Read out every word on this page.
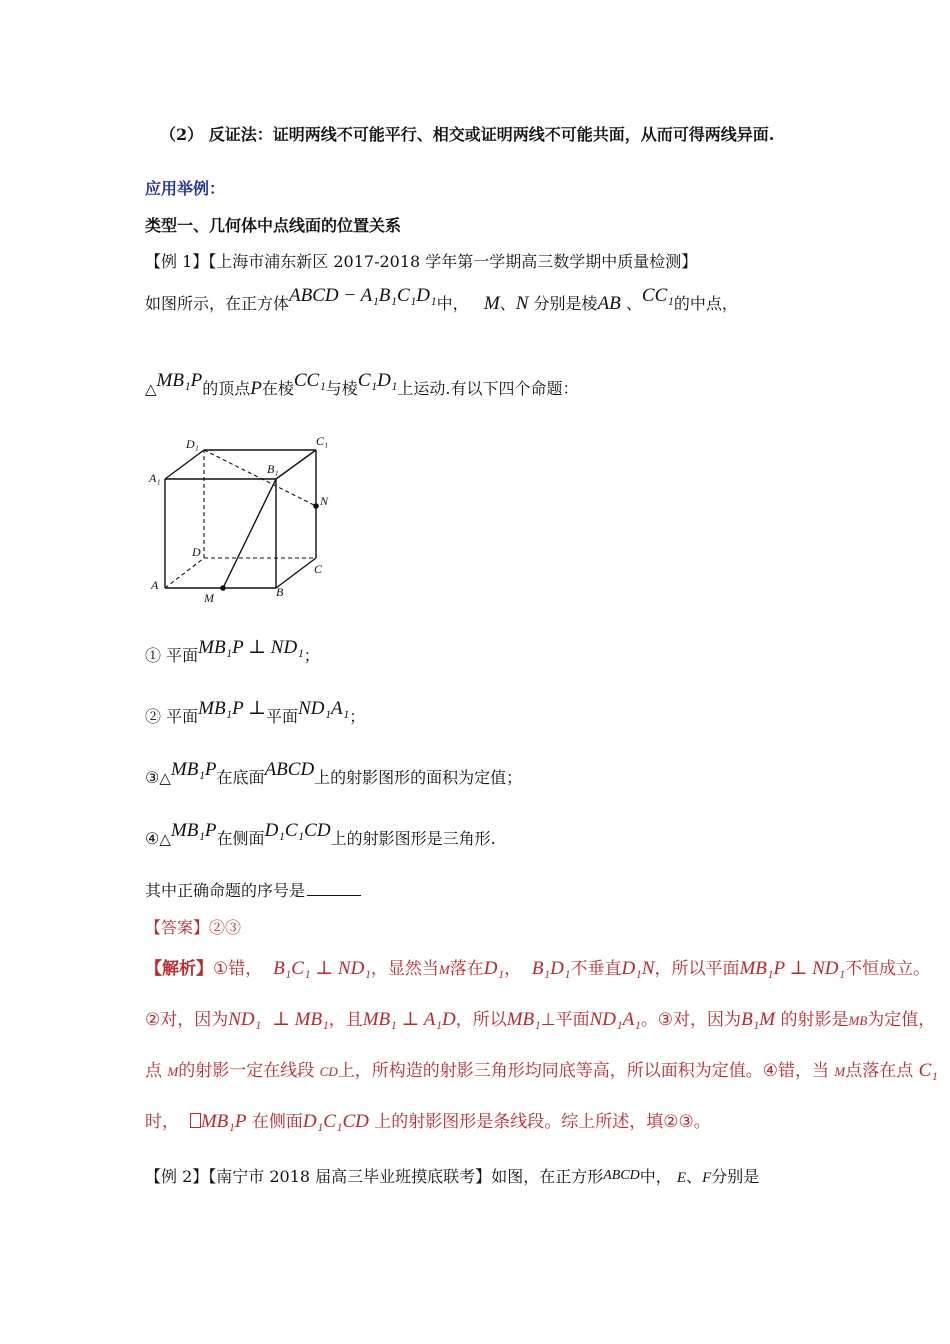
（2） 反证法：证明两线不可能平行、相交或证明两线不可能共面，从而可得两线异面.
应用举例：
类型一、几何体中点线面的位置关系
【例 1】【上海市浦东新区 2017-2018 学年第一学期高三数学期中质量检测】
如图所示，在正方体ABCD − A₁B₁C₁D₁中， M、N 分别是棱AB 、CC₁的中点，
△MB₁P的顶点P在棱CC₁与棱C₁D₁上运动.有以下四个命题：
D₁	C₁
A₁
B₁
N
D
C
A
M	B
① 平面MB₁P ⊥ ND₁；
② 平面MB₁P ⊥平面ND₁A₁；
③△MB₁P在底面ABCD上的射影图形的面积为定值；
④△MB₁P在侧面D₁C₁CD上的射影图形是三角形.
其中正确命题的序号是
【答案】②③
【解析】①错， B₁C₁ ⊥ ND₁，显然当M落在D₁， B₁D₁不垂直D₁N，所以平面MB₁P ⊥ ND₁不恒成立。
②对，因为ND₁ ⊥ MB₁，且MB₁ ⊥ A₁D，所以MB₁⊥平面ND₁A₁。③对，因为B₁M 的射影是MB为定值，
点 M的射影一定在线段 CD上，所构造的射影三角形均同底等高，所以面积为定值。④错，当 M点落在点 C₁
时， MB₁P 在侧面D₁C₁CD 上的射影图形是条线段。综上所述，填②③。
【例 2】【南宁市 2018 届高三毕业班摸底联考】如图，在正方形ABCD中， E、F分别是
